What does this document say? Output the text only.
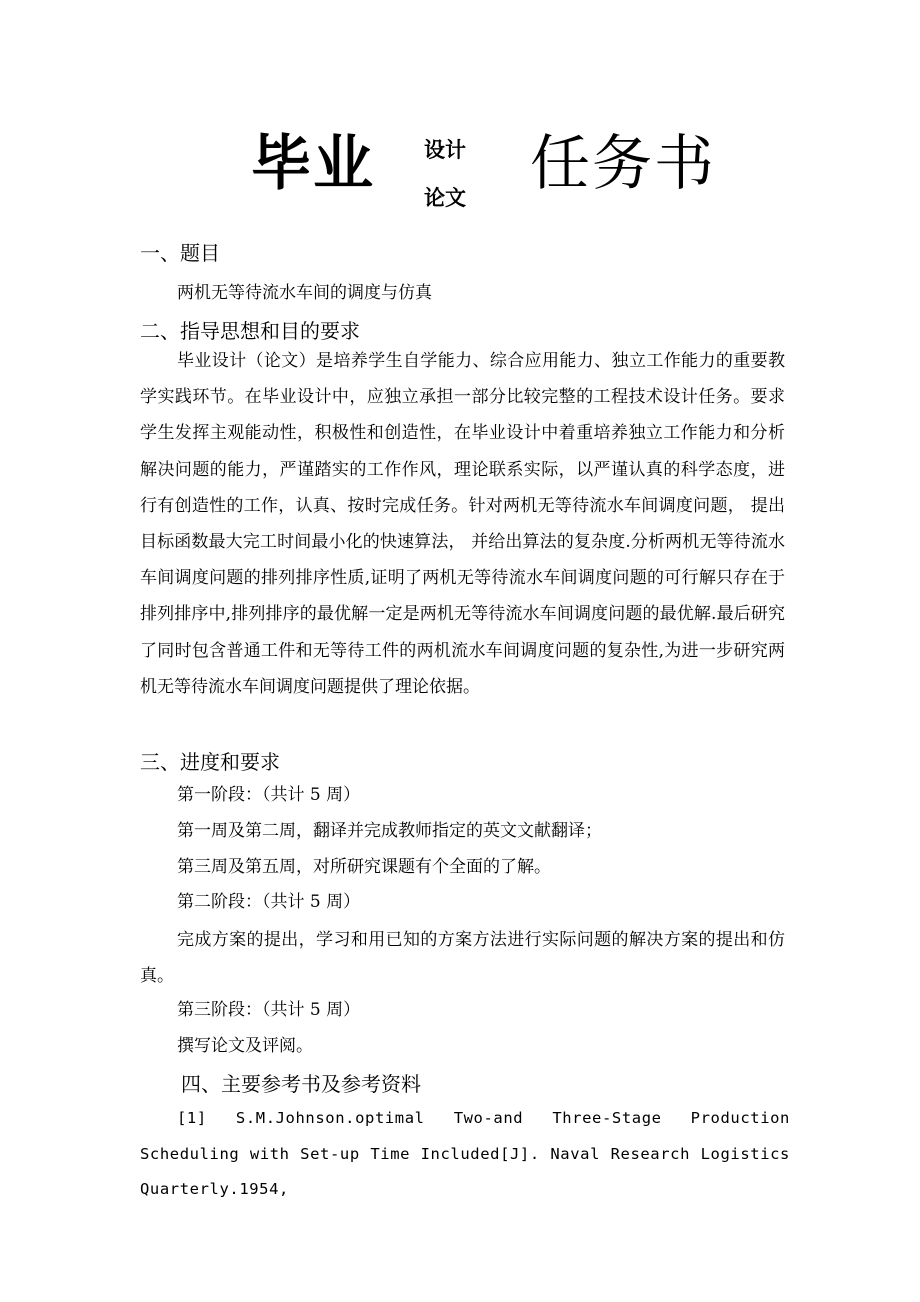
毕业 设计
论文 任务书
一、题目
两机无等待流水车间的调度与仿真
二、指导思想和目的要求
毕业设计（论文）是培养学生自学能力、综合应用能力、独立工作能力的重要教学实践环节。在毕业设计中，应独立承担一部分比较完整的工程技术设计任务。要求学生发挥主观能动性，积极性和创造性，在毕业设计中着重培养独立工作能力和分析解决问题的能力，严谨踏实的工作作风，理论联系实际，以严谨认真的科学态度，进行有创造性的工作，认真、按时完成任务。针对两机无等待流水车间调度问题， 提出目标函数最大完工时间最小化的快速算法， 并给出算法的复杂度.分析两机无等待流水车间调度问题的排列排序性质,证明了两机无等待流水车间调度问题的可行解只存在于排列排序中,排列排序的最优解一定是两机无等待流水车间调度问题的最优解.最后研究了同时包含普通工件和无等待工件的两机流水车间调度问题的复杂性,为进一步研究两机无等待流水车间调度问题提供了理论依据。
三、进度和要求
第一阶段：（共计 5 周）
第一周及第二周，翻译并完成教师指定的英文文献翻译；
第三周及第五周，对所研究课题有个全面的了解。
第二阶段：（共计 5 周）
完成方案的提出，学习和用已知的方案方法进行实际问题的解决方案的提出和仿真。
第三阶段：（共计 5 周）
撰写论文及评阅。
四、主要参考书及参考资料
[1] S.M.Johnson.optimal Two-and Three-Stage Production Scheduling with Set-up Time Included[J]. Naval Research Logistics Quarterly.1954,
